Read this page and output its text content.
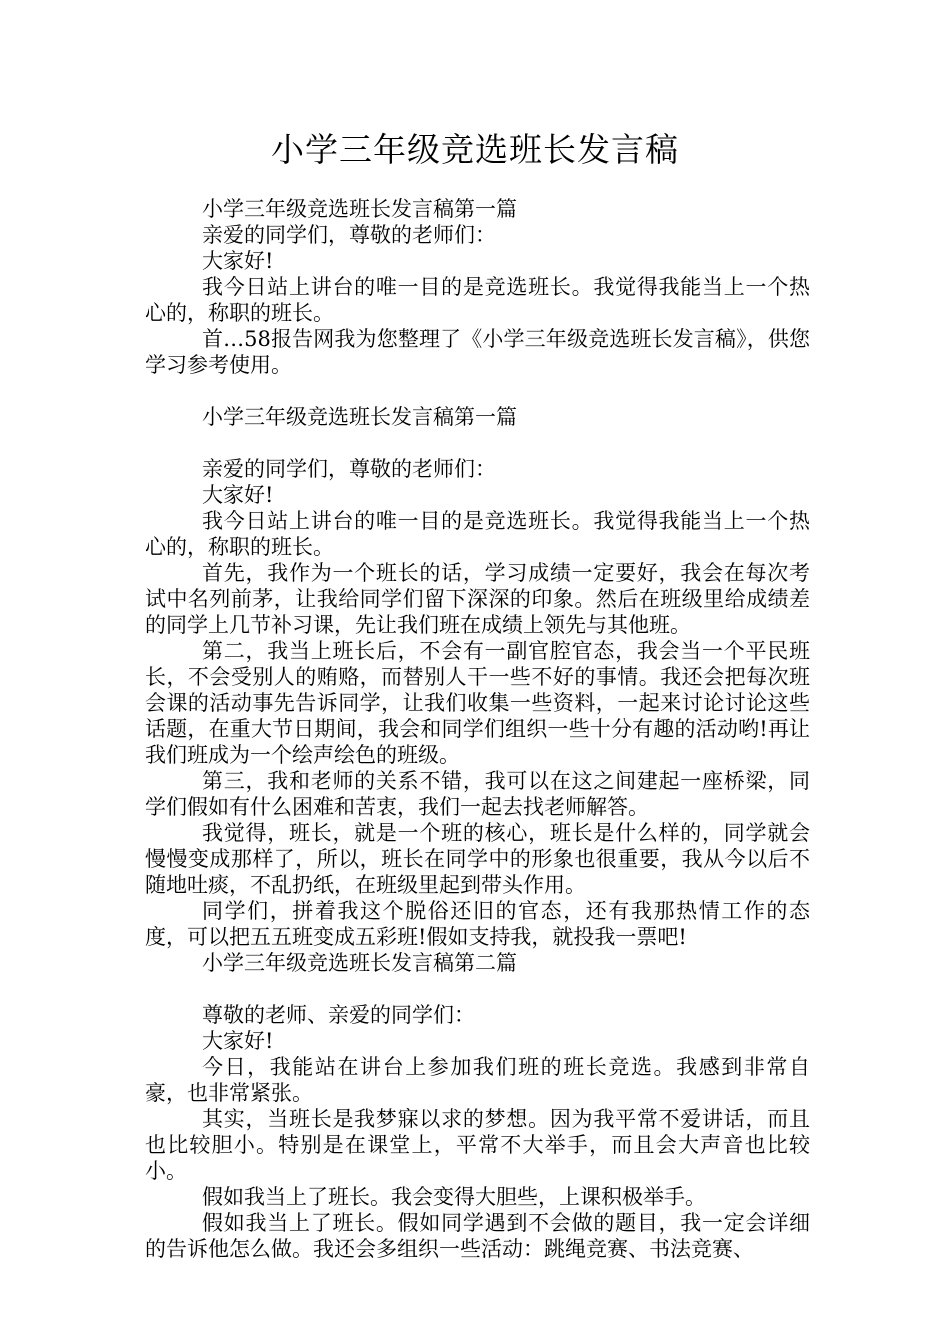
小学三年级竞选班长发言稿

小学三年级竞选班长发言稿第一篇

亲爱的同学们，尊敬的老师们：

大家好!

我今日站上讲台的唯一目的是竞选班长。我觉得我能当上一个热心的，称职的班长。

首…58报告网我为您整理了《小学三年级竞选班长发言稿》，供您学习参考使用。

小学三年级竞选班长发言稿第一篇

亲爱的同学们，尊敬的老师们：

大家好!

我今日站上讲台的唯一目的是竞选班长。我觉得我能当上一个热心的，称职的班长。

首先，我作为一个班长的话，学习成绩一定要好，我会在每次考试中名列前茅，让我给同学们留下深深的印象。然后在班级里给成绩差的同学上几节补习课，先让我们班在成绩上领先与其他班。

第二，我当上班长后，不会有一副官腔官态，我会当一个平民班长，不会受别人的贿赂，而替别人干一些不好的事情。我还会把每次班会课的活动事先告诉同学，让我们收集一些资料，一起来讨论讨论这些话题，在重大节日期间，我会和同学们组织一些十分有趣的活动哟!再让我们班成为一个绘声绘色的班级。

第三，我和老师的关系不错，我可以在这之间建起一座桥梁，同学们假如有什么困难和苦衷，我们一起去找老师解答。

我觉得，班长，就是一个班的核心，班长是什么样的，同学就会慢慢变成那样了，所以，班长在同学中的形象也很重要，我从今以后不随地吐痰，不乱扔纸，在班级里起到带头作用。

同学们，拼着我这个脱俗还旧的官态，还有我那热情工作的态度，可以把五五班变成五彩班!假如支持我，就投我一票吧!

小学三年级竞选班长发言稿第二篇

尊敬的老师、亲爱的同学们：

大家好!

今日，我能站在讲台上参加我们班的班长竞选。我感到非常自豪，也非常紧张。

其实，当班长是我梦寐以求的梦想。因为我平常不爱讲话，而且也比较胆小。特别是在课堂上，平常不大举手，而且会大声音也比较小。

假如我当上了班长。我会变得大胆些，上课积极举手。

假如我当上了班长。假如同学遇到不会做的题目，我一定会详细的告诉他怎么做。我还会多组织一些活动：跳绳竞赛、书法竞赛、
